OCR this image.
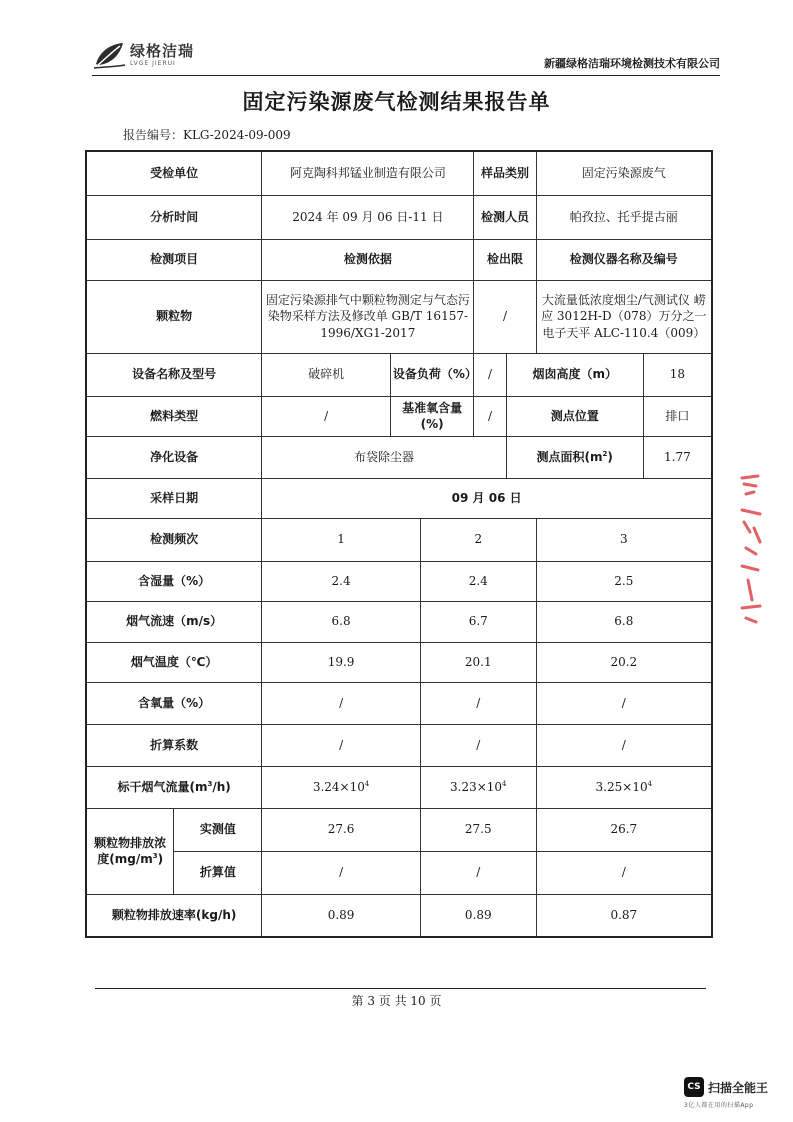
绿格洁瑞
LVGE JIERUI	新疆绿格洁瑞环境检测技术有限公司
固定污染源废气检测结果报告单
报告编号：KLG-2024-09-009
受检单位		阿克陶科邦锰业制造有限公司			样品类别		固定污染源废气	
分析时间		2024 年 09 月 06 日-11 日			检测人员		帕孜拉、托乎提古丽	
检测项目		检测依据			检出限		检测仪器名称及编号	
颗粒物		固定污染源排气中颗粒物测定与气态污染物采样方法及修改单 GB/T 16157-1996/XG1-2017			/		大流量低浓度烟尘/气测试仪 崂应 3012H-D（078）万分之一电子天平 ALC-110.4（009）	
设备名称及型号		破碎机	设备负荷（%）		/	烟囱高度（m）		18
燃料类型		/	基准氧含量(%)		/	测点位置		排口
净化设备		布袋除尘器				测点面积$(m^2)$		1.77
采样日期		09 月 06 日						
检测频次		1		2			3	
含湿量（%）		2.4		2.4			2.5	
烟气流速（m/s）		6.8		6.7			6.8	
烟气温度（℃）		19.9		20.1			20.2	
含氧量（%）		/		/			/	
折算系数		/		/			/	
标干烟气流量$(m^3/h)$		$3.24\times 10^4$		$3.23\times 10^4$			$3.25\times 10^4$
颗粒物排放浓度$(mg/m^3)$	实测值	27.6		27.5			26.7	
	折算值	/		/			/	
颗粒物排放速率(kg/h)		0.89		0.89			0.87	
第 3 页 共 10 页
CS 扫描全能王
3亿人都在用的扫描App
